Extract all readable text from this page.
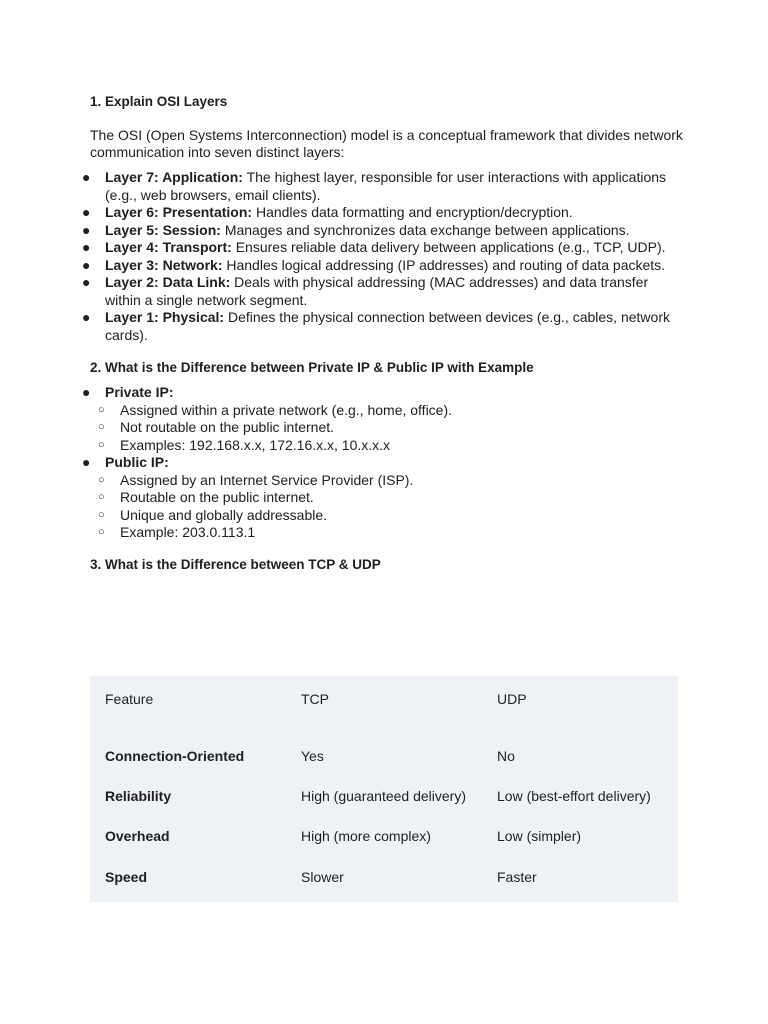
1. Explain OSI Layers
The OSI (Open Systems Interconnection) model is a conceptual framework that divides network
communication into seven distinct layers:
● Layer 7: Application: The highest layer, responsible for user interactions with applications
(e.g., web browsers, email clients).
● Layer 6: Presentation: Handles data formatting and encryption/decryption.
● Layer 5: Session: Manages and synchronizes data exchange between applications.
● Layer 4: Transport: Ensures reliable data delivery between applications (e.g., TCP, UDP).
● Layer 3: Network: Handles logical addressing (IP addresses) and routing of data packets.
● Layer 2: Data Link: Deals with physical addressing (MAC addresses) and data transfer
within a single network segment.
● Layer 1: Physical: Defines the physical connection between devices (e.g., cables, network
cards).
2. What is the Difference between Private IP & Public IP with Example
● Private IP:
○ Assigned within a private network (e.g., home, office).
○ Not routable on the public internet.
○ Examples: 192.168.x.x, 172.16.x.x, 10.x.x.x
● Public IP:
○ Assigned by an Internet Service Provider (ISP).
○ Routable on the public internet.
○ Unique and globally addressable.
○ Example: 203.0.113.1
3. What is the Difference between TCP & UDP
Feature	TCP	UDP
Connection-Oriented	Yes	No
Reliability	High (guaranteed delivery) Low (best-effort delivery)
Overhead	High (more complex)	Low (simpler)
Speed	Slower	Faster
